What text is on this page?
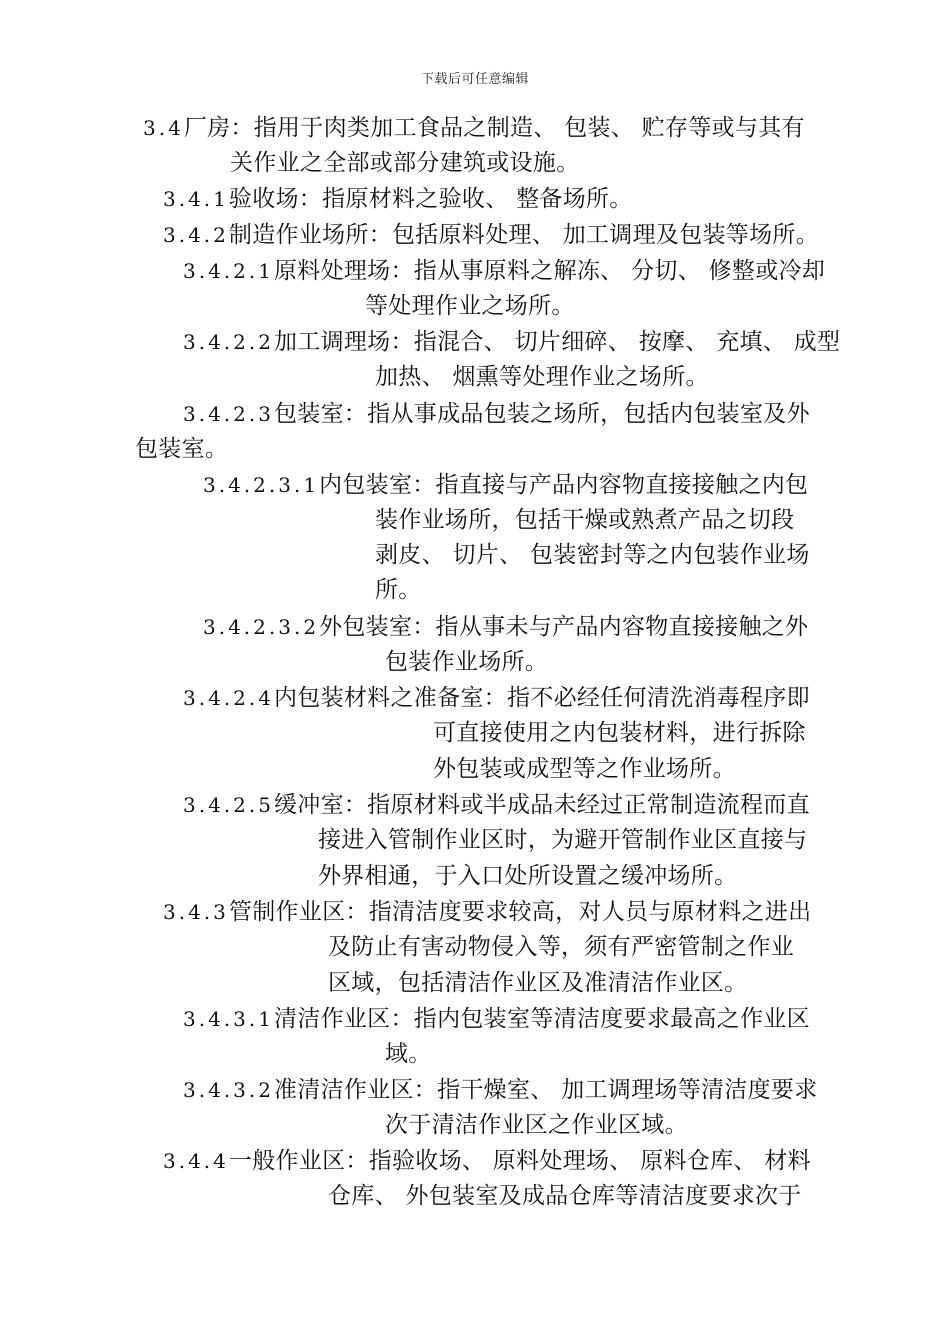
下载后可任意编辑
3.4厂房：指用于肉类加工食品之制造、 包装、 贮存等或与其有
关作业之全部或部分建筑或设施。
3.4.1验收场：指原材料之验收、 整备场所。
3.4.2制造作业场所：包括原料处理、 加工调理及包装等场所。
3.4.2.1原料处理场：指从事原料之解冻、 分切、 修整或冷却
等处理作业之场所。
3.4.2.2加工调理场：指混合、 切片细碎、 按摩、 充填、 成型
加热、 烟熏等处理作业之场所。
3.4.2.3包装室：指从事成品包装之场所，包括内包装室及外
包装室。
3.4.2.3.1内包装室：指直接与产品内容物直接接触之内包
装作业场所，包括干燥或熟煮产品之切段
剥皮、 切片、 包装密封等之内包装作业场
所。
3.4.2.3.2外包装室：指从事未与产品内容物直接接触之外
包装作业场所。
3.4.2.4内包装材料之准备室：指不必经任何清洗消毒程序即
可直接使用之内包装材料，进行拆除
外包装或成型等之作业场所。
3.4.2.5缓冲室：指原材料或半成品未经过正常制造流程而直
接进入管制作业区时，为避开管制作业区直接与
外界相通，于入口处所设置之缓冲场所。
3.4.3管制作业区：指清洁度要求较高，对人员与原材料之进出
及防止有害动物侵入等，须有严密管制之作业
区域，包括清洁作业区及准清洁作业区。
3.4.3.1清洁作业区：指内包装室等清洁度要求最高之作业区
域。
3.4.3.2准清洁作业区：指干燥室、 加工调理场等清洁度要求
次于清洁作业区之作业区域。
3.4.4一般作业区：指验收场、 原料处理场、 原料仓库、 材料
仓库、 外包装室及成品仓库等清洁度要求次于
